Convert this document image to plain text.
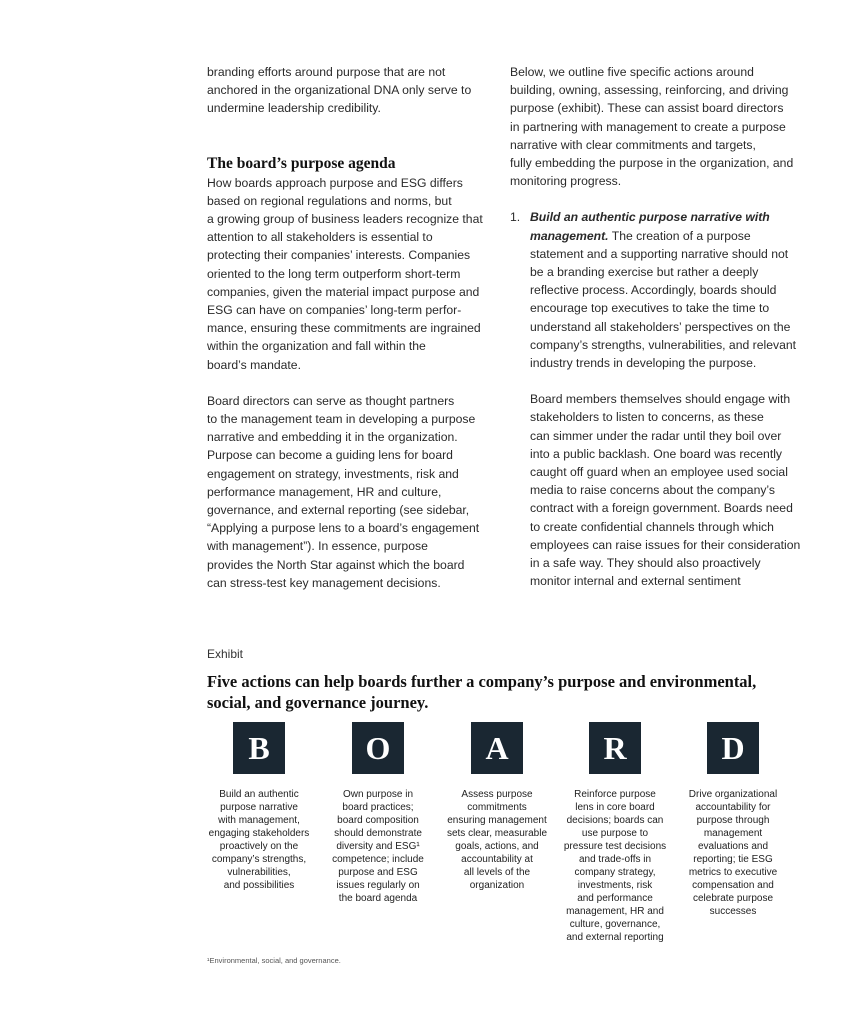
branding efforts around purpose that are not
anchored in the organizational DNA only serve to
undermine leadership credibility.

The board’s purpose agenda

How boards approach purpose and ESG differs
based on regional regulations and norms, but
a growing group of business leaders recognize that
attention to all stakeholders is essential to
protecting their companies’ interests. Companies
oriented to the long term outperform short-term
companies, given the material impact purpose and
ESG can have on companies’ long-term perfor-
mance, ensuring these commitments are ingrained
within the organization and fall within the
board’s mandate.

Board directors can serve as thought partners
to the management team in developing a purpose
narrative and embedding it in the organization.
Purpose can become a guiding lens for board
engagement on strategy, investments, risk and
performance management, HR and culture,
governance, and external reporting (see sidebar,
“Applying a purpose lens to a board’s engagement
with management”). In essence, purpose
provides the North Star against which the board
can stress-test key management decisions.

Below, we outline five specific actions around
building, owning, assessing, reinforcing, and driving
purpose (exhibit). These can assist board directors
in partnering with management to create a purpose
narrative with clear commitments and targets,
fully embedding the purpose in the organization, and
monitoring progress.

1. Build an authentic purpose narrative with
management. The creation of a purpose
statement and a supporting narrative should not
be a branding exercise but rather a deeply
reflective process. Accordingly, boards should
encourage top executives to take the time to
understand all stakeholders’ perspectives on the
company’s strengths, vulnerabilities, and relevant
industry trends in developing the purpose.

Board members themselves should engage with
stakeholders to listen to concerns, as these
can simmer under the radar until they boil over
into a public backlash. One board was recently
caught off guard when an employee used social
media to raise concerns about the company’s
contract with a foreign government. Boards need
to create confidential channels through which
employees can raise issues for their consideration
in a safe way. They should also proactively
monitor internal and external sentiment

Exhibit
Five actions can help boards further a company’s purpose and environmental,
social, and governance journey.
B
Build an authentic
purpose narrative
with management,
engaging stakeholders
proactively on the
company’s strengths,
vulnerabilities,
and possibilities
O
Own purpose in
board practices;
board composition
should demonstrate
diversity and ESG¹
competence; include
purpose and ESG
issues regularly on
the board agenda
A
Assess purpose
commitments
ensuring management
sets clear, measurable
goals, actions, and
accountability at
all levels of the
organization
R
Reinforce purpose
lens in core board
decisions; boards can
use purpose to
pressure test decisions
and trade-offs in
company strategy,
investments, risk
and performance
management, HR and
culture, governance,
and external reporting
D
Drive organizational
accountability for
purpose through
management
evaluations and
reporting; tie ESG
metrics to executive
compensation and
celebrate purpose
successes
¹Environmental, social, and governance.
